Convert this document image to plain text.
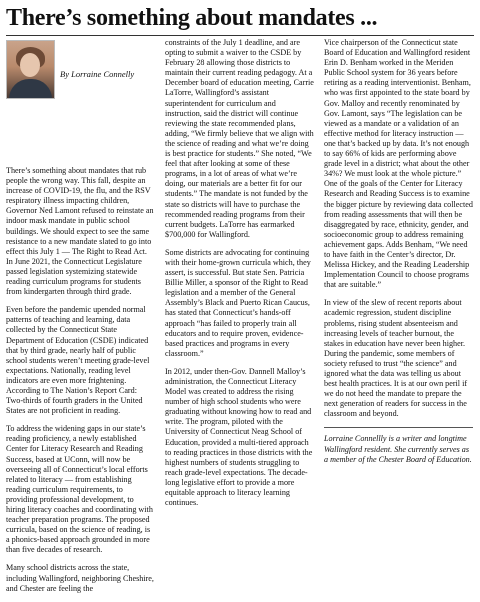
There’s something about mandates ...
By Lorraine Connelly

There’s something about mandates that rub people the wrong way. This fall, despite an increase of COVID-19, the flu, and the RSV respiratory illness impacting children, Governor Ned Lamont refused to reinstate an indoor mask mandate in public school buildings. We should expect to see the same resistance to a new mandate slated to go into effect this July 1 — The Right to Read Act. In June 2021, the Connecticut Legislature passed legislation systemizing statewide reading curriculum programs for students from kindergarten through third grade.

Even before the pandemic upended normal patterns of teaching and learning, data collected by the Connecticut State Department of Education (CSDE) indicated that by third grade, nearly half of public school students weren’t meeting grade-level expectations. Nationally, reading level indicators are even more frightening. According to The Nation’s Report Card: Two-thirds of fourth graders in the United States are not proficient in reading.

To address the widening gaps in our state’s reading proficiency, a newly established Center for Literacy Research and Reading Success, based at UConn, will now be overseeing all of Connecticut’s local efforts related to literacy — from establishing reading curriculum requirements, to providing professional development, to hiring literacy coaches and coordinating with teacher preparation programs. The proposed curricula, based on the science of reading, is a phonics-based approach grounded in more than five decades of research.

Many school districts across the state, including Wallingford, neighboring Cheshire, and Chester are feeling the

constraints of the July 1 deadline, and are opting to submit a waiver to the CSDE by February 28 allowing those districts to maintain their current reading pedagogy. At a December board of education meeting, Carrie LaTorre, Wallingford’s assistant superintendent for curriculum and instruction, said the district will continue reviewing the state recommended plans, adding, “We firmly believe that we align with the science of reading and what we’re doing is best practice for students.” She noted, “We feel that after looking at some of these programs, in a lot of areas of what we’re doing, our materials are a better fit for our students.” The mandate is not funded by the state so districts will have to purchase the recommended reading programs from their current budgets. LaTorre has earmarked $700,000 for Wallingford.

Some districts are advocating for continuing with their home-grown curricula which, they assert, is successful. But state Sen. Patricia Billie Miller, a sponsor of the Right to Read legislation and a member of the General Assembly’s Black and Puerto Rican Caucus, has stated that Connecticut’s hands-off approach “has failed to properly train all educators and to require proven, evidence-based practices and programs in every classroom.”

In 2012, under then-Gov. Dannell Malloy’s administration, the Connecticut Literacy Model was created to address the rising number of high school students who were graduating without knowing how to read and write. The program, piloted with the University of Connecticut Neag School of Education, provided a multi-tiered approach to reading practices in those districts with the highest numbers of students struggling to reach grade-level expectations. The decade-long legislative effort to provide a more equitable approach to literacy learning continues.

Vice chairperson of the Connecticut state Board of Education and Wallingford resident Erin D. Benham worked in the Meriden Public School system for 36 years before retiring as a reading interventionist. Benham, who was first appointed to the state board by Gov. Malloy and recently renominated by Gov. Lamont, says “The legislation can be viewed as a mandate or a validation of an effective method for literacy instruction — one that’s backed up by data. It’s not enough to say 66% of kids are performing above grade level in a district; what about the other 34%? We must look at the whole picture.” One of the goals of the Center for Literacy Research and Reading Success is to examine the bigger picture by reviewing data collected from reading assessments that will then be disaggregated by race, ethnicity, gender, and socioeconomic group to address remaining achievement gaps. Adds Benham, “We need to have faith in the Center’s director, Dr. Melissa Hickey, and the Reading Leadership Implementation Council to choose programs that are suitable.”

In view of the slew of recent reports about academic regression, student discipline problems, rising student absenteeism and increasing levels of teacher burnout, the stakes in education have never been higher. During the pandemic, some members of society refused to trust “the science” and ignored what the data was telling us about best health practices. It is at our own peril if we do not heed the mandate to prepare the next generation of readers for success in the classroom and beyond.

Lorraine Connellly is a writer and longtime Wallingford resident. She currently serves as a member of the Chester Board of Education.
